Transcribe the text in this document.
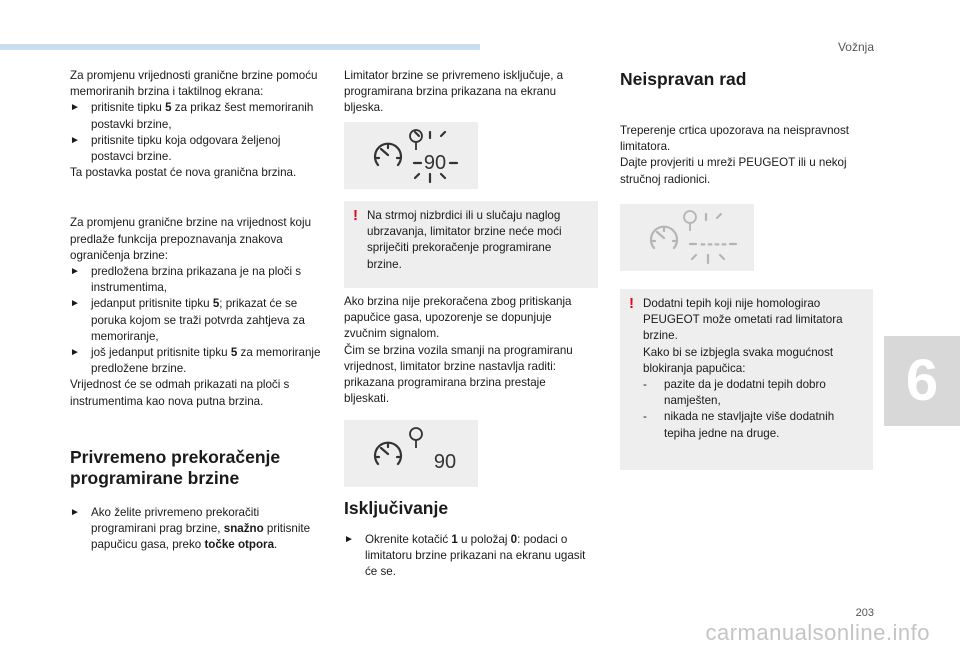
Vožnja
6

Za promjenu vrijednosti granične brzine pomoću memoriranih brzina i taktilnog ekrana:

► pritisnite tipku 5 za prikaz šest memoriranih postavki brzine,
► pritisnite tipku koja odgovara željenoj postavci brzine.

Ta postavka postat će nova granična brzina.

Za promjenu granične brzine na vrijednost koju predlaže funkcija prepoznavanja znakova ograničenja brzine:

► predložena brzina prikazana je na ploči s instrumentima,
► jedanput pritisnite tipku 5; prikazat će se poruka kojom se traži potvrda zahtjeva za memoriranje,
► još jedanput pritisnite tipku 5 za memoriranje predložene brzine.

Vrijednost će se odmah prikazati na ploči s instrumentima kao nova putna brzina.

Privremeno prekoračenje
programirane brzine
► Ako želite privremeno prekoračiti programirani prag brzine, snažno pritisnite papučicu gasa, preko točke otpora.
Limitator brzine se privremeno isključuje, a programirana brzina prikazana na ekranu bljeska.
90
! Na strmoj nizbrdici ili u slučaju naglog ubrzavanja, limitator brzine neće moći spriječiti prekoračenje programirane brzine.

Ako brzina nije prekoračena zbog pritiskanja papučice gasa, upozorenje se dopunjuje zvučnim signalom.

Čim se brzina vozila smanji na programiranu vrijednost, limitator brzine nastavlja raditi: prikazana programirana brzina prestaje bljeskati.

90
Isključivanje
► Okrenite kotačić 1 u položaj 0: podaci o limitatoru brzine prikazani na ekranu ugasit će se.
Neispravan rad

Treperenje crtica upozorava na neispravnost limitatora.

Dajte provjeriti u mreži PEUGEOT ili u nekoj stručnoj radionici.

----
! Dodatni tepih koji nije homologirao PEUGEOT može ometati rad limitatora brzine.

Kako bi se izbjegla svaka mogućnost blokiranja papučica:

- pazite da je dodatni tepih dobro namješten,
- nikada ne stavljajte više dodatnih tepiha jedne na druge.
203
carmanualsonline.info
